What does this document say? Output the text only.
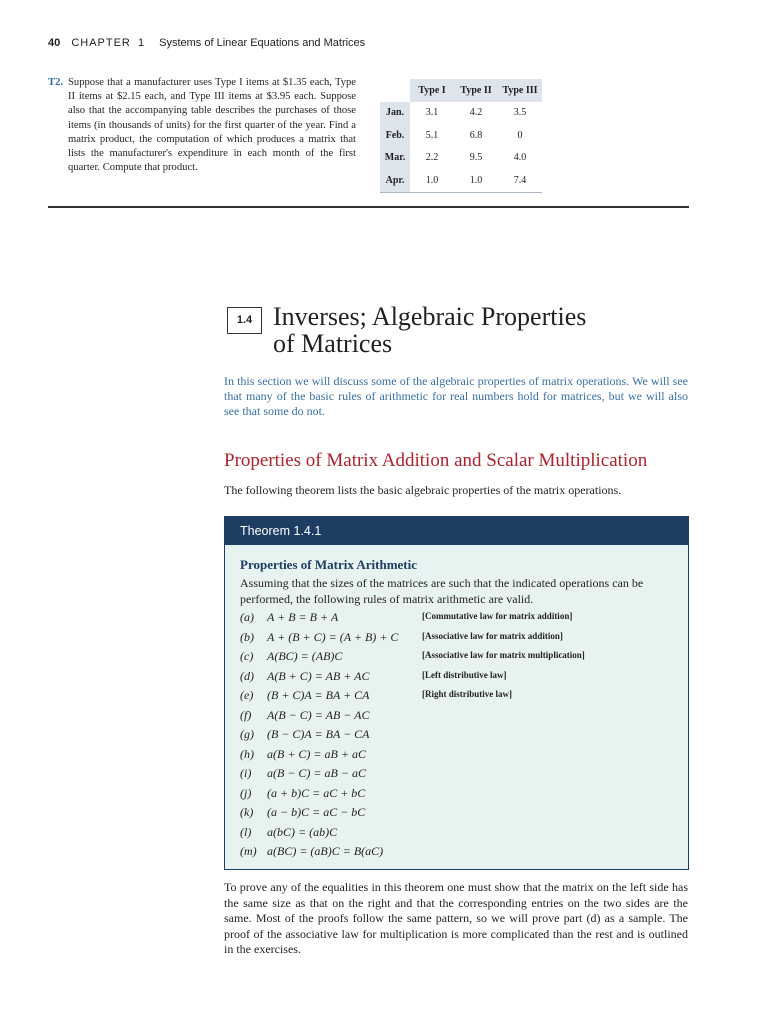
40 CHAPTER 1 Systems of Linear Equations and Matrices
T2. Suppose that a manufacturer uses Type I items at $1.35 each, Type II items at $2.15 each, and Type III items at $3.95 each. Suppose also that the accompanying table describes the purchases of those items (in thousands of units) for the first quarter of the year. Find a matrix product, the computation of which produces a matrix that lists the manufacturer's expenditure in each month of the first quarter. Compute that product.
	Type I	Type II	Type III
Jan.	3.1	4.2	3.5
Feb.	5.1	6.8	0
Mar.	2.2	9.5	4.0
Apr.	1.0	1.0	7.4
1.4 Inverses; Algebraic Properties
of Matrices
In this section we will discuss some of the algebraic properties of matrix operations. We will see that many of the basic rules of arithmetic for real numbers hold for matrices, but we will also see that some do not.
Properties of Matrix Addition and Scalar Multiplication
The following theorem lists the basic algebraic properties of the matrix operations.
Theorem 1.4.1
Properties of Matrix Arithmetic
Assuming that the sizes of the matrices are such that the indicated operations can be performed, the following rules of matrix arithmetic are valid.
(a) A + B = B + A	[Commutative law for matrix addition]
(b) A + (B + C) = (A + B) + C	[Associative law for matrix addition]
(c) A(BC) = (AB)C	[Associative law for matrix multiplication]
(d) A(B + C) = AB + AC	[Left distributive law]
(e) (B + C)A = BA + CA	[Right distributive law]
(f) A(B − C) = AB − AC
(g) (B − C)A = BA − CA
(h) a(B + C) = aB + aC
(i) a(B − C) = aB − aC
(j) (a + b)C = aC + bC
(k) (a − b)C = aC − bC
(l) a(bC) = (ab)C
(m) a(BC) = (aB)C = B(aC)
To prove any of the equalities in this theorem one must show that the matrix on the left side has the same size as that on the right and that the corresponding entries on the two sides are the same. Most of the proofs follow the same pattern, so we will prove part (d) as a sample. The proof of the associative law for multiplication is more complicated than the rest and is outlined in the exercises.
